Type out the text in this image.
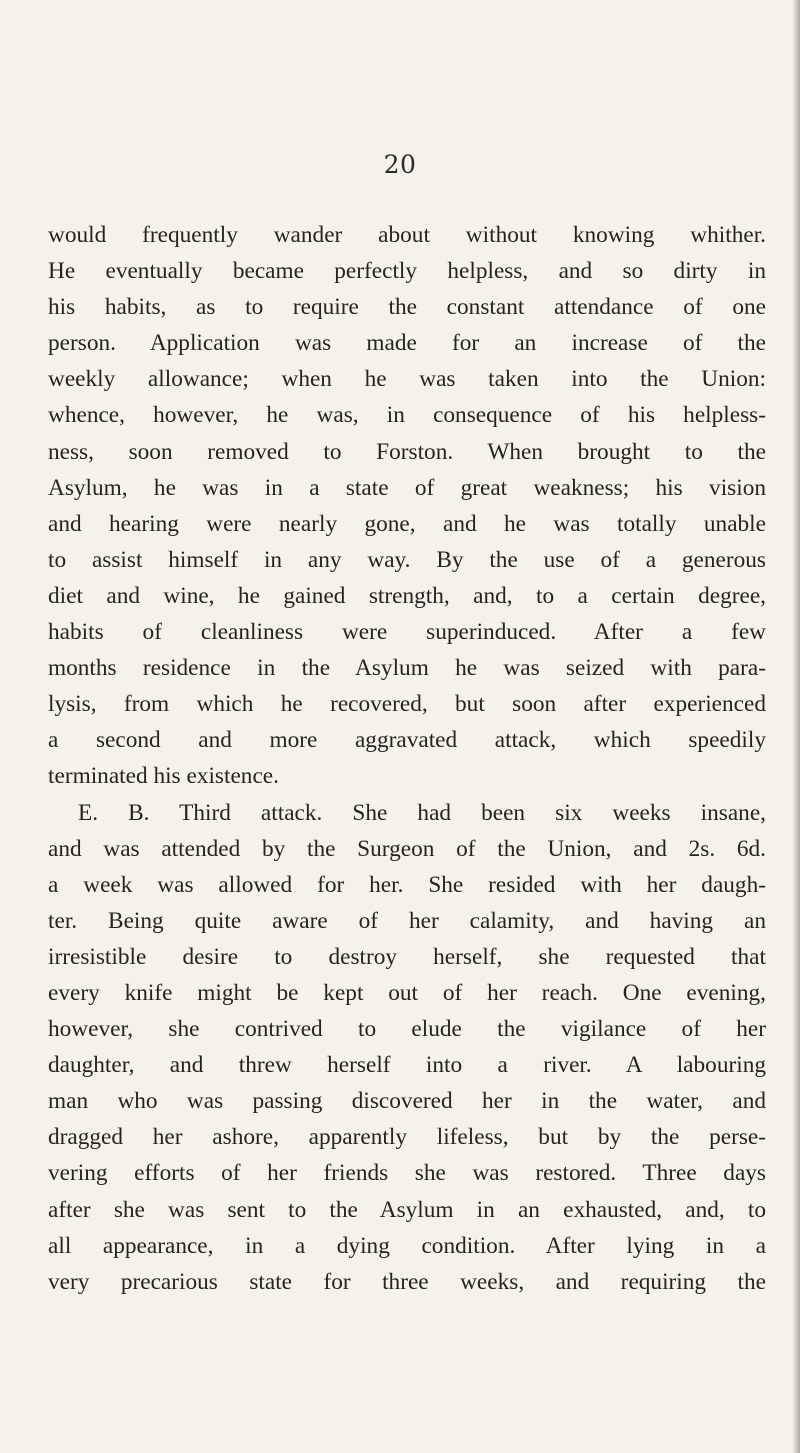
20
would frequently wander about without knowing whither.
He eventually became perfectly helpless, and so dirty in
his habits, as to require the constant attendance of one
person. Application was made for an increase of the
weekly allowance; when he was taken into the Union:
whence, however, he was, in consequence of his helpless-
ness, soon removed to Forston. When brought to the
Asylum, he was in a state of great weakness; his vision
and hearing were nearly gone, and he was totally unable
to assist himself in any way. By the use of a generous
diet and wine, he gained strength, and, to a certain degree,
habits of cleanliness were superinduced. After a few
months residence in the Asylum he was seized with para-
lysis, from which he recovered, but soon after experienced
a second and more aggravated attack, which speedily
terminated his existence.
E. B. Third attack. She had been six weeks insane,
and was attended by the Surgeon of the Union, and 2s. 6d.
a week was allowed for her. She resided with her daugh-
ter. Being quite aware of her calamity, and having an
irresistible desire to destroy herself, she requested that
every knife might be kept out of her reach. One evening,
however, she contrived to elude the vigilance of her
daughter, and threw herself into a river. A labouring
man who was passing discovered her in the water, and
dragged her ashore, apparently lifeless, but by the perse-
vering efforts of her friends she was restored. Three days
after she was sent to the Asylum in an exhausted, and, to
all appearance, in a dying condition. After lying in a
very precarious state for three weeks, and requiring the
